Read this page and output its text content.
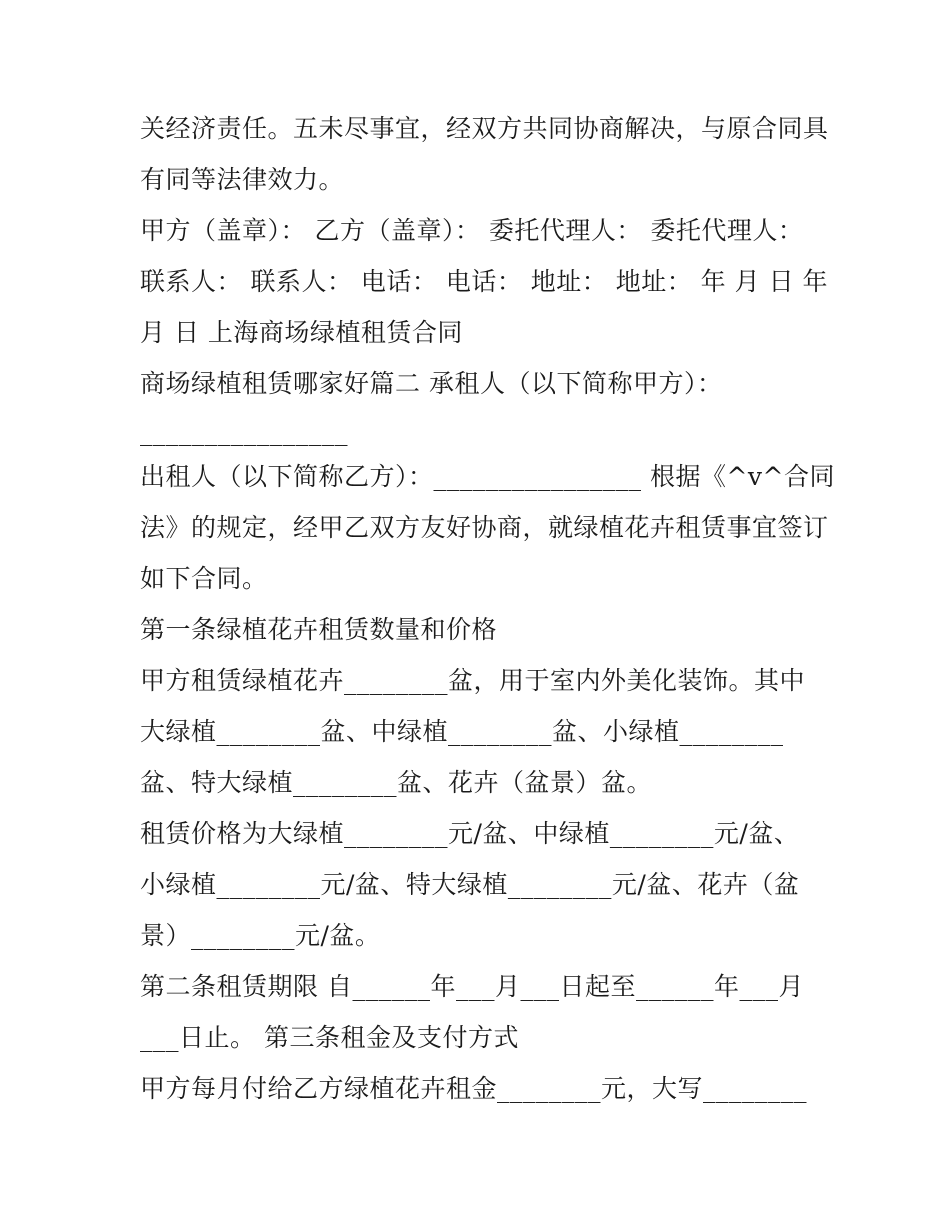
关经济责任。五未尽事宜，经双方共同协商解决，与原合同具

有同等法律效力。

甲方（盖章）： 乙方（盖章）： 委托代理人： 委托代理人：

联系人： 联系人： 电话： 电话： 地址： 地址： 年 月 日 年

月 日 上海商场绿植租赁合同

商场绿植租赁哪家好篇二 承租人（以下简称甲方）：

________________

出租人（以下简称乙方）：________________ 根据《^v^合同

法》的规定，经甲乙双方友好协商，就绿植花卉租赁事宜签订

如下合同。

第一条绿植花卉租赁数量和价格

甲方租赁绿植花卉________盆，用于室内外美化装饰。其中

大绿植________盆、中绿植________盆、小绿植________

盆、特大绿植________盆、花卉（盆景）盆。

租赁价格为大绿植________元/盆、中绿植________元/盆、

小绿植________元/盆、特大绿植________元/盆、花卉（盆

景）________元/盆。

第二条租赁期限 自______年___月___日起至______年___月

___日止。 第三条租金及支付方式

甲方每月付给乙方绿植花卉租金________元，大写________
